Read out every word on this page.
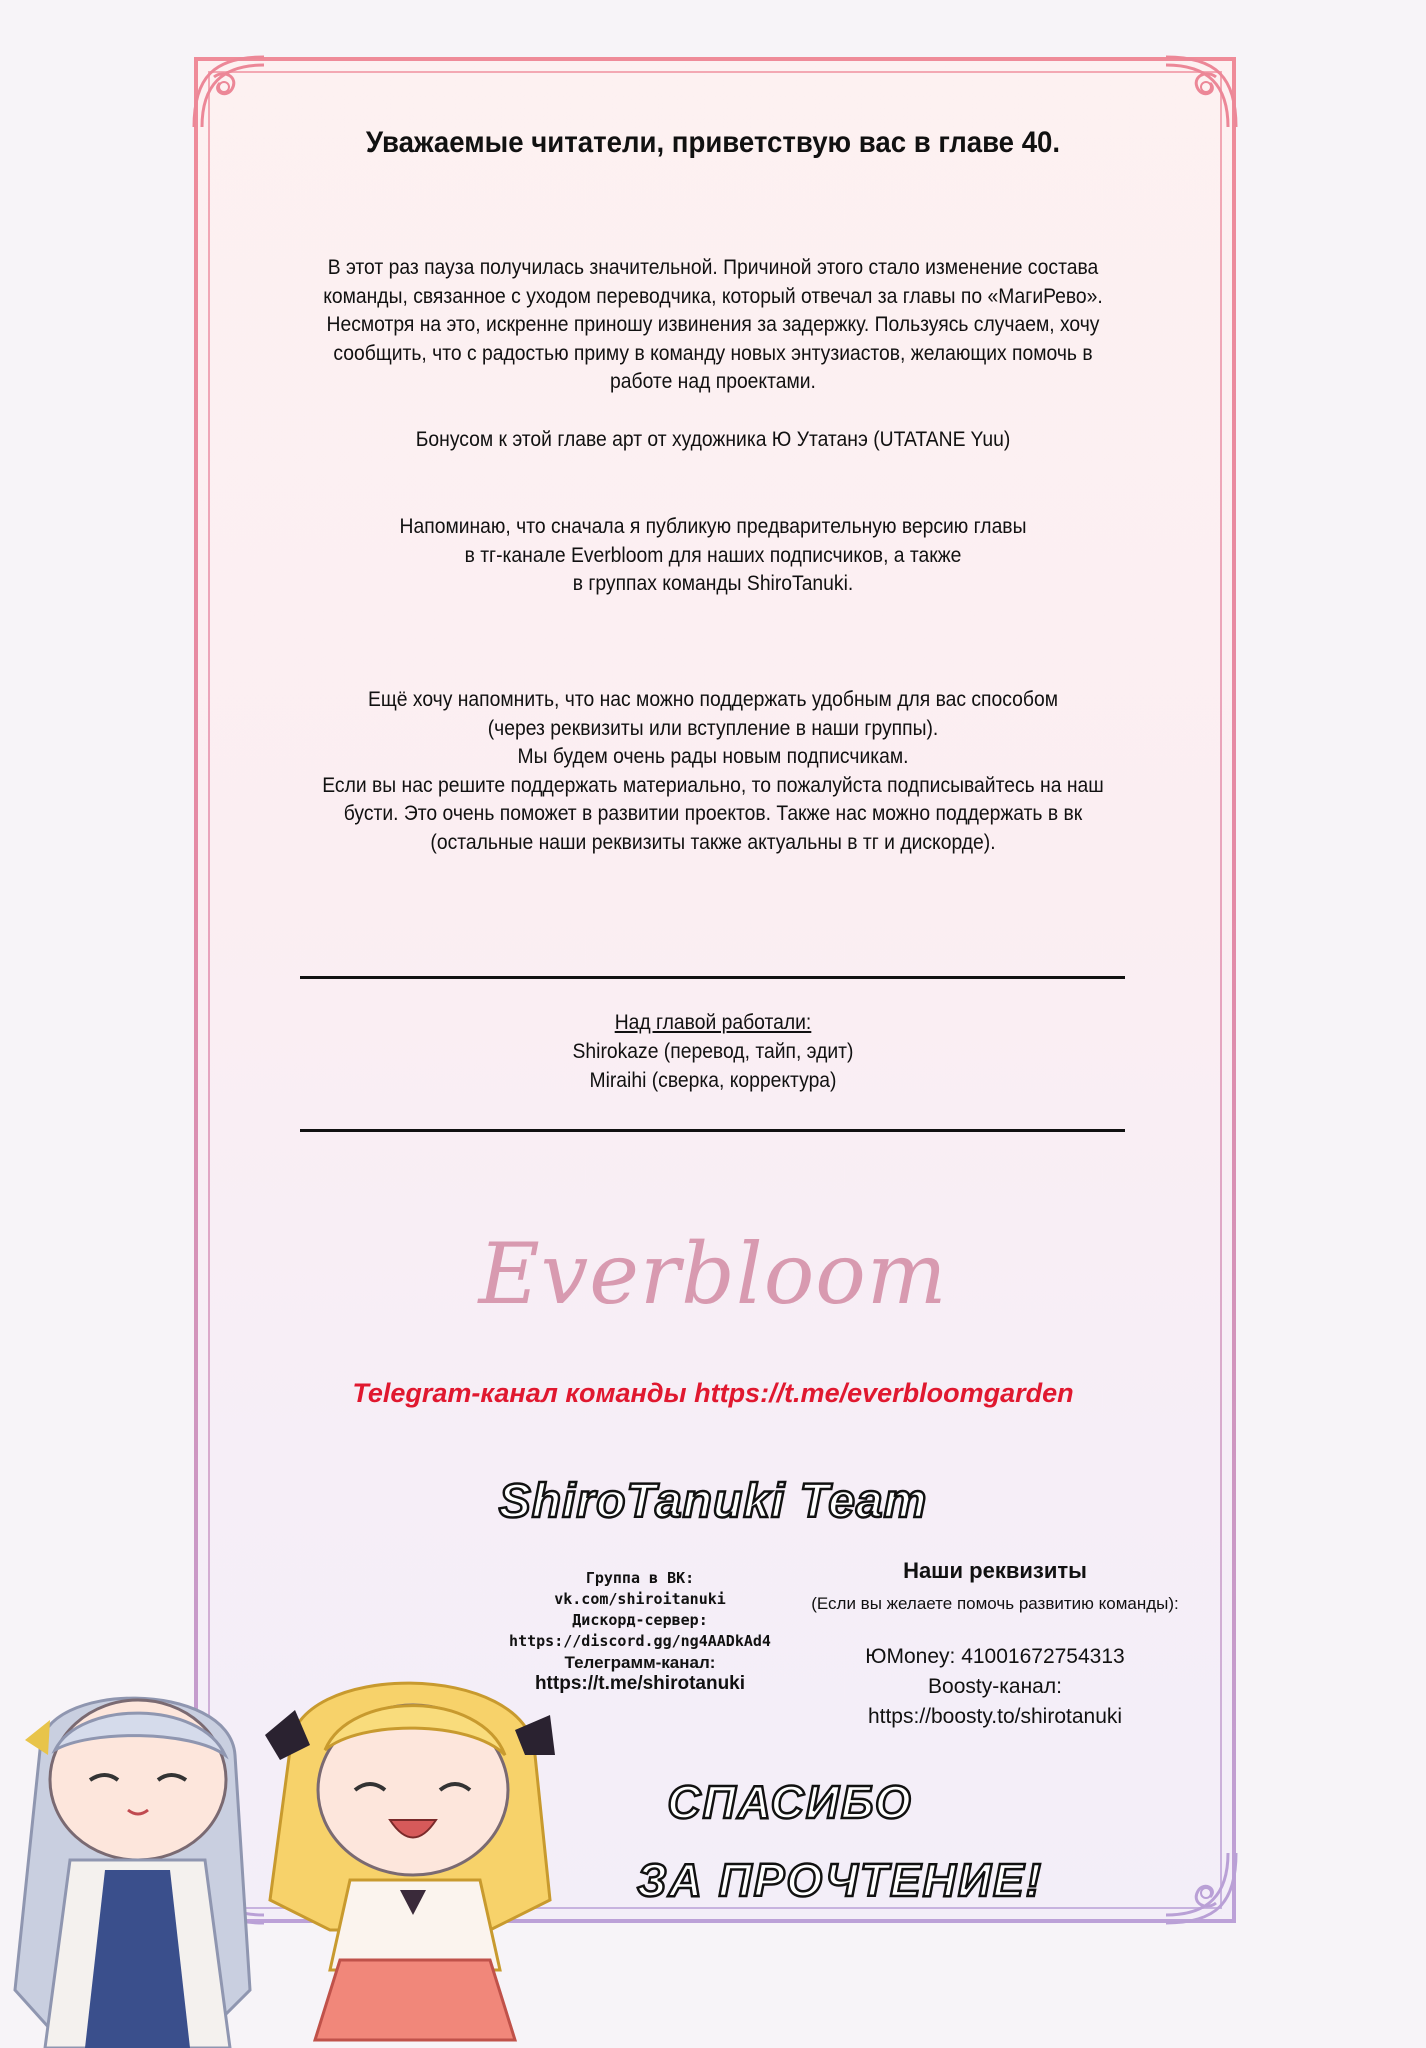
Уважаемые читатели, приветствую вас в главе 40.
В этот раз пауза получилась значительной. Причиной этого стало изменение состава
команды, связанное с уходом переводчика, который отвечал за главы по «МагиРево».
Несмотря на это, искренне приношу извинения за задержку. Пользуясь случаем, хочу
сообщить, что с радостью приму в команду новых энтузиастов, желающих помочь в
работе над проектами.
Бонусом к этой главе арт от художника Ю Утатанэ (UTATANE Yuu)
Напоминаю, что сначала я публикую предварительную версию главы
в тг-канале Everbloom для наших подписчиков, а также
в группах команды ShiroTanuki.
Ещё хочу напомнить, что нас можно поддержать удобным для вас способом
(через реквизиты или вступление в наши группы).
Мы будем очень рады новым подписчикам.
Если вы нас решите поддержать материально, то пожалуйста подписывайтесь на наш
бусти. Это очень поможет в развитии проектов. Также нас можно поддержать в вк
(остальные наши реквизиты также актуальны в тг и дискорде).
Над главой работали:
Shirokaze (перевод, тайп, эдит)
Miraihi (сверка, корректура)
Everbloom
Telegram-канал команды https://t.me/everbloomgarden
ShiroTanuki Team
Группа в ВК:
vk.com/shiroitanuki
Дискорд-сервер:
https://discord.gg/ng4AADkAd4
Телеграмм-канал:
https://t.me/shirotanuki
Наши реквизиты
(Если вы желаете помочь развитию команды):
ЮMoney: 41001672754313
Boosty-канал:
https://boosty.to/shirotanuki
СПАСИБО
ЗА ПРОЧТЕНИЕ!
